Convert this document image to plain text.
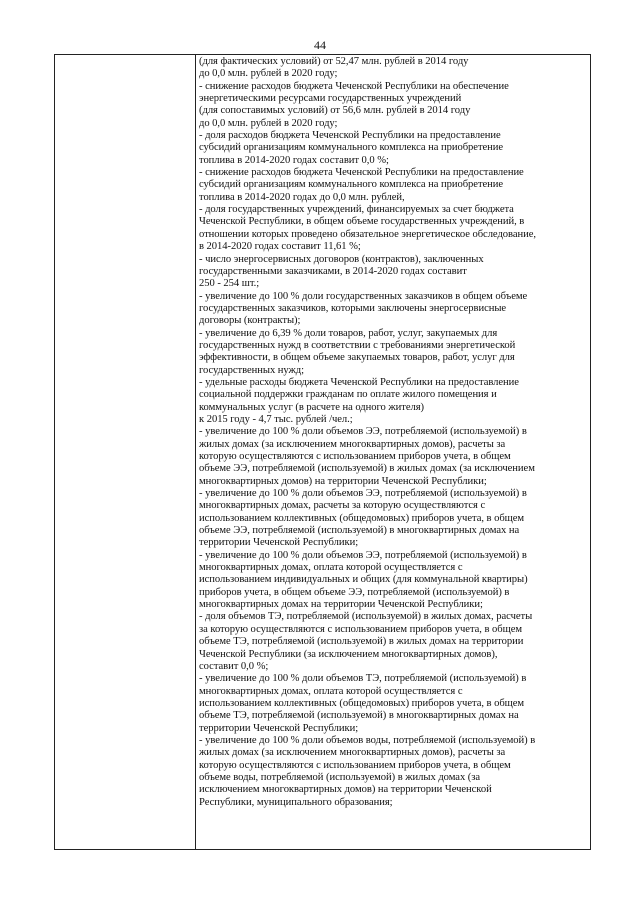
44

(для фактических условий) от 52,47 млн. рублей в 2014 году
до 0,0 млн. рублей в 2020 году;
- снижение расходов бюджета Чеченской Республики на обеспечение
энергетическими ресурсами государственных учреждений
(для сопоставимых условий) от 56,6 млн. рублей в 2014 году
до 0,0 млн. рублей в 2020 году;
- доля расходов бюджета Чеченской Республики на предоставление
субсидий организациям коммунального комплекса на приобретение
топлива в 2014-2020 годах составит 0,0 %;
- снижение расходов бюджета Чеченской Республики на предоставление
субсидий организациям коммунального комплекса на приобретение
топлива в 2014-2020 годах до 0,0 млн. рублей,
- доля государственных учреждений, финансируемых за счет бюджета
Чеченской Республики, в общем объеме государственных учреждений, в
отношении которых проведено обязательное энергетическое обследование,
в 2014-2020 годах составит 11,61 %;
- число энергосервисных договоров (контрактов), заключенных
государственными заказчиками, в 2014-2020 годах составит
250 - 254 шт.;
- увеличение до 100 % доли государственных заказчиков в общем объеме
государственных заказчиков, которыми заключены энергосервисные
договоры (контракты);
- увеличение до 6,39 % доли товаров, работ, услуг, закупаемых для
государственных нужд в соответствии с требованиями энергетической
эффективности, в общем объеме закупаемых товаров, работ, услуг для
государственных нужд;
- удельные расходы бюджета Чеченской Республики на предоставление
социальной поддержки гражданам по оплате жилого помещения и
коммунальных услуг (в расчете на одного жителя)
к 2015 году - 4,7 тыс. рублей /чел.;
- увеличение до 100 % доли объемов ЭЭ, потребляемой (используемой) в
жилых домах (за исключением многоквартирных домов), расчеты за
которую осуществляются с использованием приборов учета, в общем
объеме ЭЭ, потребляемой (используемой) в жилых домах (за исключением
многоквартирных домов) на территории Чеченской Республики;
- увеличение до 100 % доли объемов ЭЭ, потребляемой (используемой) в
многоквартирных домах, расчеты за которую осуществляются с
использованием коллективных (общедомовых) приборов учета, в общем
объеме ЭЭ, потребляемой (используемой) в многоквартирных домах на
территории Чеченской Республики;
- увеличение до 100 % доли объемов ЭЭ, потребляемой (используемой) в
многоквартирных домах, оплата которой осуществляется с
использованием индивидуальных и общих (для коммунальной квартиры)
приборов учета, в общем объеме ЭЭ, потребляемой (используемой) в
многоквартирных домах на территории Чеченской Республики;
- доля объемов ТЭ, потребляемой (используемой) в жилых домах, расчеты
за которую осуществляются с использованием приборов учета, в общем
объеме ТЭ, потребляемой (используемой) в жилых домах на территории
Чеченской Республики (за исключением многоквартирных домов),
составит 0,0 %;
- увеличение до 100 % доли объемов ТЭ, потребляемой (используемой) в
многоквартирных домах, оплата которой осуществляется с
использованием коллективных (общедомовых) приборов учета, в общем
объеме ТЭ, потребляемой (используемой) в многоквартирных домах на
территории Чеченской Республики;
- увеличение до 100 % доли объемов воды, потребляемой (используемой) в
жилых домах (за исключением многоквартирных домов), расчеты за
которую осуществляются с использованием приборов учета, в общем
объеме воды, потребляемой (используемой) в жилых домах (за
исключением многоквартирных домов) на территории Чеченской
Республики, муниципального образования;
